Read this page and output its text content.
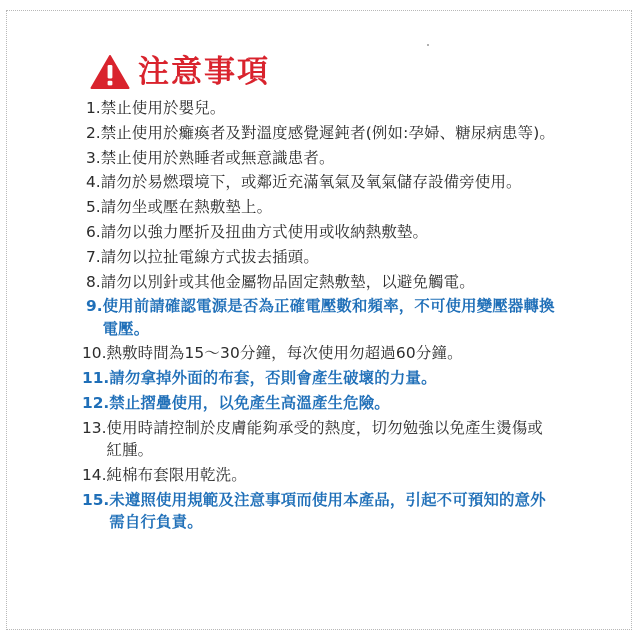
注意事項
1. 禁止使用於嬰兒。
2. 禁止使用於癱瘓者及對溫度感覺遲鈍者(例如:孕婦、糖尿病患等)。
3. 禁止使用於熟睡者或無意識患者。
4. 請勿於易燃環境下，或鄰近充滿氧氣及氧氣儲存設備旁使用。
5. 請勿坐或壓在熱敷墊上。
6. 請勿以強力壓折及扭曲方式使用或收納熱敷墊。
7. 請勿以拉扯電線方式拔去插頭。
8. 請勿以別針或其他金屬物品固定熱敷墊，以避免觸電。
9. 使用前請確認電源是否為正確電壓數和頻率，不可使用變壓器轉換電壓。
10. 熱敷時間為15～30分鐘，每次使用勿超過60分鐘。
11. 請勿拿掉外面的布套，否則會產生破壞的力量。
12. 禁止摺疊使用，以免產生高溫產生危險。
13. 使用時請控制於皮膚能夠承受的熱度，切勿勉強以免產生燙傷或紅腫。
14. 純棉布套限用乾洗。
15. 未遵照使用規範及注意事項而使用本產品，引起不可預知的意外需自行負責。
